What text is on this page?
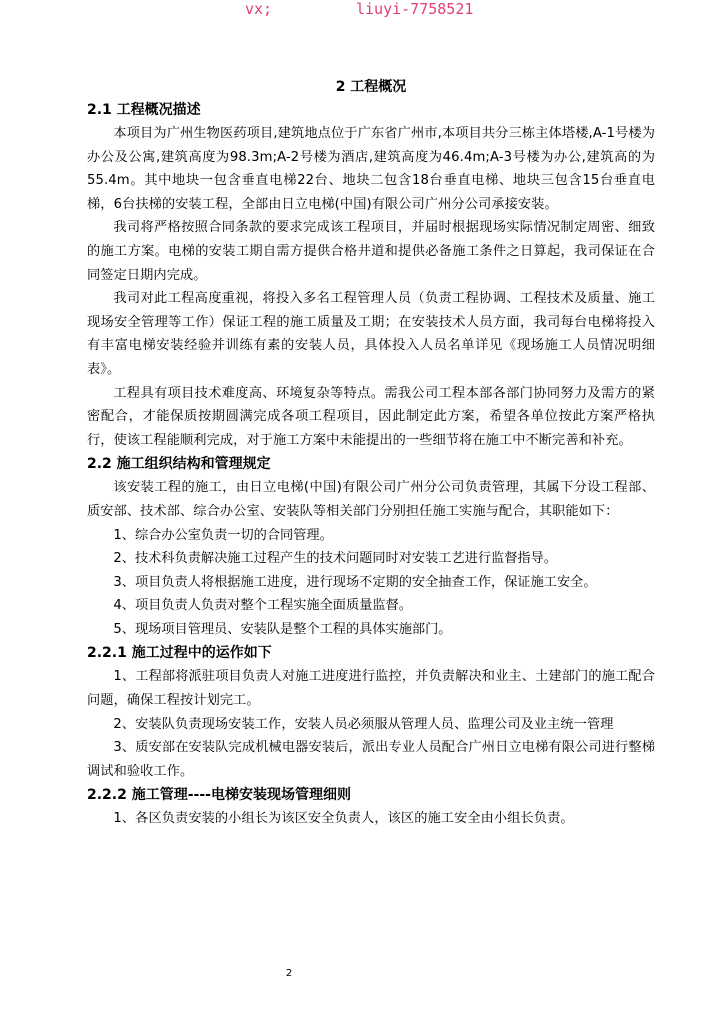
vx;	liuyi-7758521
2 工程概况
2.1 工程概况描述
本项目为广州生物医药项目,建筑地点位于广东省广州市,本项目共分三栋主体塔楼,A-1号楼为办公及公寓,建筑高度为98.3m;A-2号楼为酒店,建筑高度为46.4m;A-3号楼为办公,建筑高的为55.4m。其中地块一包含垂直电梯22台、地块二包含18台垂直电梯、地块三包含15台垂直电梯，6台扶梯的安装工程，全部由日立电梯(中国)有限公司广州分公司承接安装。
我司将严格按照合同条款的要求完成该工程项目，并届时根据现场实际情况制定周密、细致的施工方案。电梯的安装工期自需方提供合格井道和提供必备施工条件之日算起，我司保证在合同签定日期内完成。
我司对此工程高度重视，将投入多名工程管理人员（负责工程协调、工程技术及质量、施工现场安全管理等工作）保证工程的施工质量及工期；在安装技术人员方面，我司每台电梯将投入有丰富电梯安装经验并训练有素的安装人员，具体投入人员名单详见《现场施工人员情况明细表》。
工程具有项目技术难度高、环境复杂等特点。需我公司工程本部各部门协同努力及需方的紧密配合，才能保质按期圆满完成各项工程项目，因此制定此方案，希望各单位按此方案严格执行，使该工程能顺利完成，对于施工方案中未能提出的一些细节将在施工中不断完善和补充。
2.2 施工组织结构和管理规定
该安装工程的施工，由日立电梯(中国)有限公司广州分公司负责管理，其属下分设工程部、质安部、技术部、综合办公室、安装队等相关部门分别担任施工实施与配合，其职能如下：
1、综合办公室负责一切的合同管理。
2、技术科负责解决施工过程产生的技术问题同时对安装工艺进行监督指导。
3、项目负责人将根据施工进度，进行现场不定期的安全抽查工作，保证施工安全。
4、项目负责人负责对整个工程实施全面质量监督。
5、现场项目管理员、安装队是整个工程的具体实施部门。
2.2.1 施工过程中的运作如下
1、工程部将派驻项目负责人对施工进度进行监控，并负责解决和业主、土建部门的施工配合问题，确保工程按计划完工。
2、安装队负责现场安装工作，安装人员必须服从管理人员、监理公司及业主统一管理
3、质安部在安装队完成机械电器安装后，派出专业人员配合广州日立电梯有限公司进行整梯调试和验收工作。
2.2.2 施工管理----电梯安装现场管理细则
1、各区负责安装的小组长为该区安全负责人，该区的施工安全由小组长负责。
2
